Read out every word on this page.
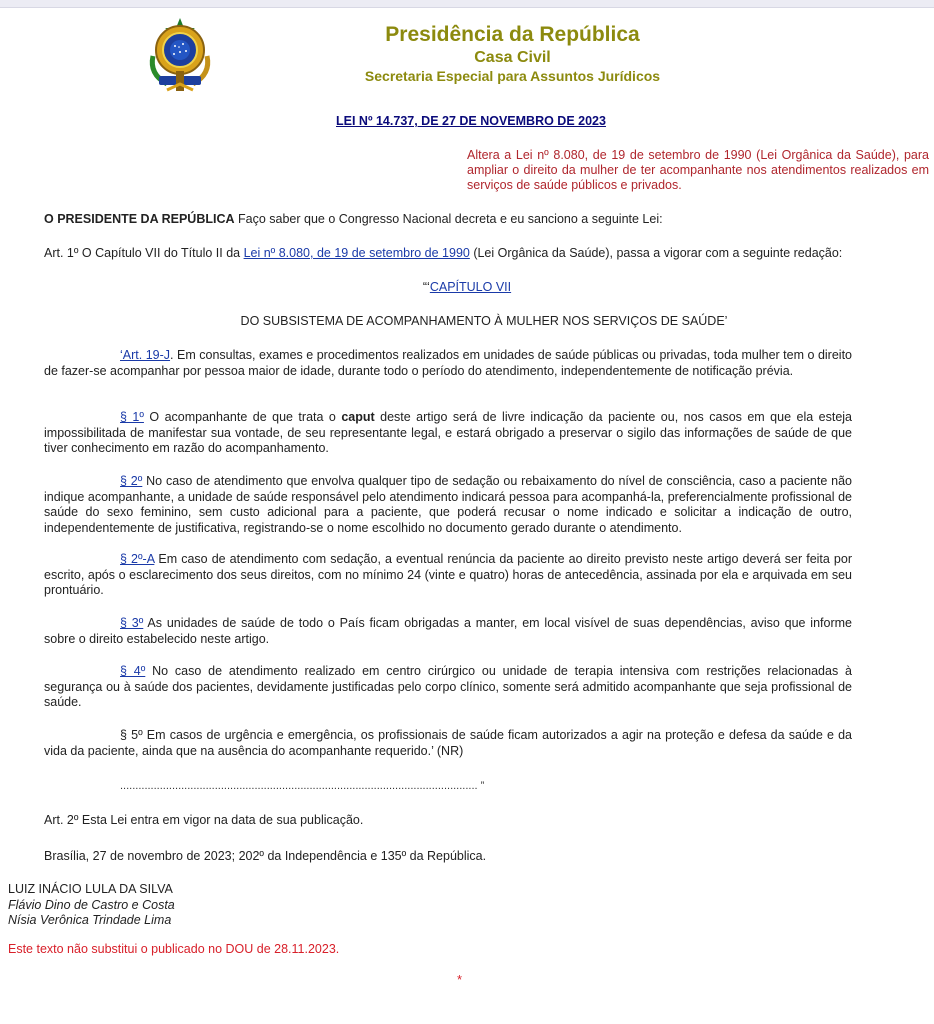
Presidência da República
Casa Civil
Secretaria Especial para Assuntos Jurídicos
LEI Nº 14.737, DE 27 DE NOVEMBRO DE 2023
Altera a Lei nº 8.080, de 19 de setembro de 1990 (Lei Orgânica da Saúde), para ampliar o direito da mulher de ter acompanhante nos atendimentos realizados em serviços de saúde públicos e privados.
O PRESIDENTE DA REPÚBLICA Faço saber que o Congresso Nacional decreta e eu sanciono a seguinte Lei:
Art. 1º O Capítulo VII do Título II da Lei nº 8.080, de 19 de setembro de 1990 (Lei Orgânica da Saúde), passa a vigorar com a seguinte redação:
“‘CAPÍTULO VII
DO SUBSISTEMA DE ACOMPANHAMENTO À MULHER NOS SERVIÇOS DE SAÚDE’
‘Art. 19-J. Em consultas, exames e procedimentos realizados em unidades de saúde públicas ou privadas, toda mulher tem o direito de fazer-se acompanhar por pessoa maior de idade, durante todo o período do atendimento, independentemente de notificação prévia.
§ 1º O acompanhante de que trata o caput deste artigo será de livre indicação da paciente ou, nos casos em que ela esteja impossibilitada de manifestar sua vontade, de seu representante legal, e estará obrigado a preservar o sigilo das informações de saúde de que tiver conhecimento em razão do acompanhamento.
§ 2º No caso de atendimento que envolva qualquer tipo de sedação ou rebaixamento do nível de consciência, caso a paciente não indique acompanhante, a unidade de saúde responsável pelo atendimento indicará pessoa para acompanhá-la, preferencialmente profissional de saúde do sexo feminino, sem custo adicional para a paciente, que poderá recusar o nome indicado e solicitar a indicação de outro, independentemente de justificativa, registrando-se o nome escolhido no documento gerado durante o atendimento.
§ 2º-A Em caso de atendimento com sedação, a eventual renúncia da paciente ao direito previsto neste artigo deverá ser feita por escrito, após o esclarecimento dos seus direitos, com no mínimo 24 (vinte e quatro) horas de antecedência, assinada por ela e arquivada em seu prontuário.
§ 3º As unidades de saúde de todo o País ficam obrigadas a manter, em local visível de suas dependências, aviso que informe sobre o direito estabelecido neste artigo.
§ 4º No caso de atendimento realizado em centro cirúrgico ou unidade de terapia intensiva com restrições relacionadas à segurança ou à saúde dos pacientes, devidamente justificadas pelo corpo clínico, somente será admitido acompanhante que seja profissional de saúde.
§ 5º Em casos de urgência e emergência, os profissionais de saúde ficam autorizados a agir na proteção e defesa da saúde e da vida da paciente, ainda que na ausência do acompanhante requerido.’ (NR)
..................................................................................................................... ”
Art. 2º Esta Lei entra em vigor na data de sua publicação.
Brasília, 27 de novembro de 2023; 202º da Independência e 135º da República.
LUIZ INÁCIO LULA DA SILVA
Flávio Dino de Castro e Costa
Nísia Verônica Trindade Lima
Este texto não substitui o publicado no DOU de 28.11.2023.
*
